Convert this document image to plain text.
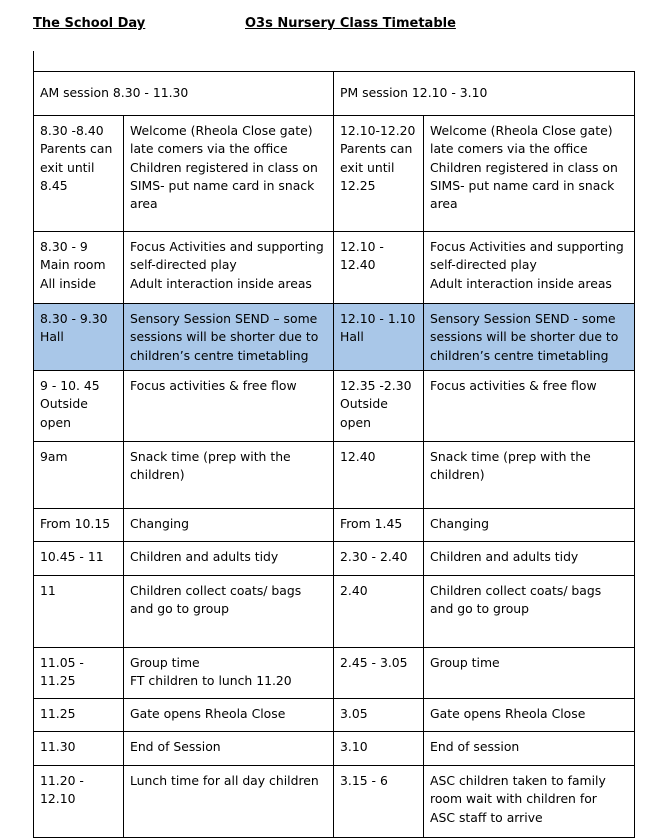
The School Day	O3s Nursery Class Timetable
AM session 8.30 - 11.30		PM session 12.10 - 3.10	

8.30 -8.40
Parents can
exit until
8.45	Welcome (Rheola Close gate)
late comers via the office
Children registered in class on
SIMS- put name card in snack
area	12.10-12.20
Parents can
exit until
12.25	Welcome (Rheola Close gate)
late comers via the office
Children registered in class on
SIMS- put name card in snack
area

8.30 - 9
Main room
All inside	Focus Activities and supporting
self-directed play
Adult interaction inside areas	12.10 -
12.40	Focus Activities and supporting
self-directed play
Adult interaction inside areas

8.30 - 9.30
Hall	Sensory Session SEND – some
sessions will be shorter due to
children’s centre timetabling	12.10 - 1.10
Hall	Sensory Session SEND - some
sessions will be shorter due to
children’s centre timetabling

9 - 10. 45
Outside
open	Focus activities & free flow	12.35 -2.30
Outside
open	Focus activities & free flow

9am	Snack time (prep with the
children)	12.40	Snack time (prep with the
children)

From 10.15	Changing	From 1.45	Changing

10.45 - 11	Children and adults tidy	2.30 - 2.40	Children and adults tidy

11	Children collect coats/ bags
and go to group	2.40	Children collect coats/ bags
and go to group

11.05 -
11.25	Group time
FT children to lunch 11.20	2.45 - 3.05	Group time

11.25	Gate opens Rheola Close	3.05	Gate opens Rheola Close

11.30	End of Session	3.10	End of session

11.20 -
12.10	Lunch time for all day children	3.15 - 6	ASC children taken to family
room wait with children for
ASC staff to arrive
